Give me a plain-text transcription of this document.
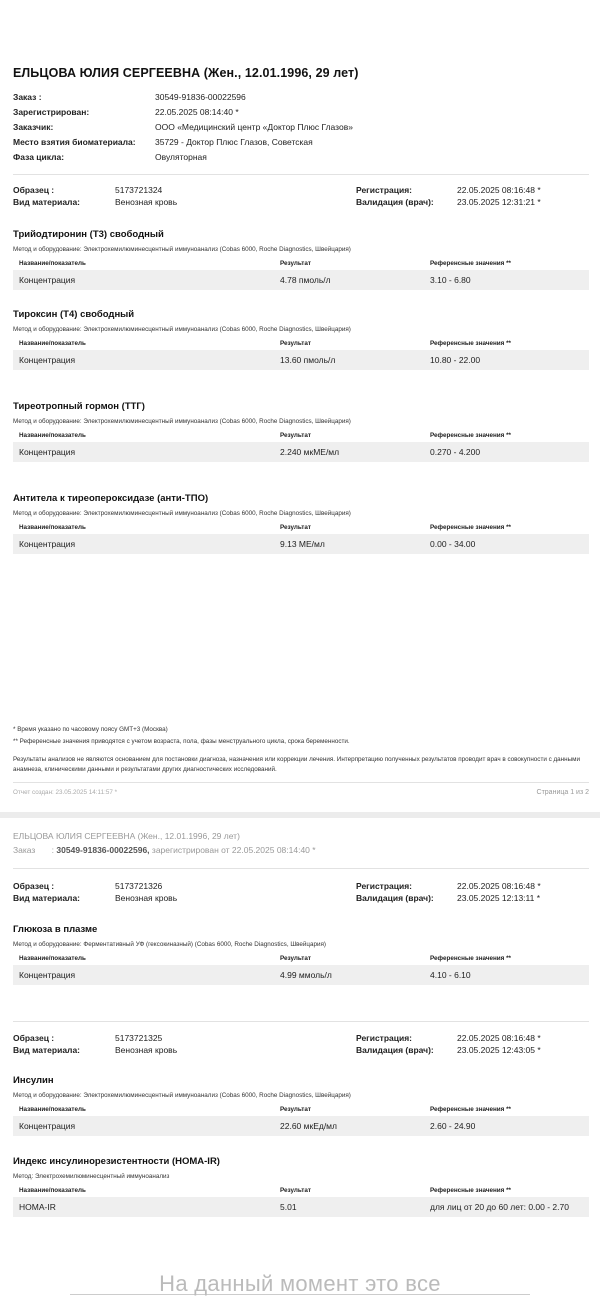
ЕЛЬЦОВА ЮЛИЯ СЕРГЕЕВНА (Жен., 12.01.1996, 29 лет)
Заказ :	30549-91836-00022596
Зарегистрирован:	22.05.2025 08:14:40 *
Заказчик:	ООО «Медицинский центр «Доктор Плюс Глазов»
Место взятия биоматериала: 35729 - Доктор Плюс Глазов, Советская
Фаза цикла:	Овуляторная
Образец :	5173721324	Регистрация:	22.05.2025 08:16:48 *
Вид материала:	Венозная кровь	Валидация (врач):	23.05.2025 12:31:21 *
Трийодтиронин (Т3) свободный
Метод и оборудование: Электрохемилюминесцентный иммуноанализ (Cobas 6000, Roche Diagnostics, Швейцария)
Название/показатель	Результат	Референсные значения **
Концентрация	4.78 пмоль/л	3.10 - 6.80
Тироксин (Т4) свободный
Метод и оборудование: Электрохемилюминесцентный иммуноанализ (Cobas 6000, Roche Diagnostics, Швейцария)
Название/показатель	Результат	Референсные значения **
Концентрация	13.60 пмоль/л	10.80 - 22.00
Тиреотропный гормон (ТТГ)
Метод и оборудование: Электрохемилюминесцентный иммуноанализ (Cobas 6000, Roche Diagnostics, Швейцария)
Название/показатель	Результат	Референсные значения **
Концентрация	2.240 мкМЕ/мл	0.270 - 4.200
Антитела к тиреопероксидазе (анти-ТПО)
Метод и оборудование: Электрохемилюминесцентный иммуноанализ (Cobas 6000, Roche Diagnostics, Швейцария)
Название/показатель	Результат	Референсные значения **
Концентрация	9.13 МЕ/мл	0.00 - 34.00
* Время указано по часовому поясу GMT+3 (Москва)
** Референсные значения приводятся с учетом возраста, пола, фазы менструального цикла, срока беременности.
Результаты анализов не являются основанием для постановки диагноза, назначения или коррекции лечения. Интерпретацию полученных результатов проводит врач в совокупности с данными анамнеза, клиническими данными и результатами других диагностических исследований.
Отчет создан: 23.05.2025 14:11:57 *	Страница 1 из 2
ЕЛЬЦОВА ЮЛИЯ СЕРГЕЕВНА (Жен., 12.01.1996, 29 лет)
Заказ : 30549-91836-00022596, зарегистрирован от 22.05.2025 08:14:40 *
Образец :	5173721326	Регистрация:	22.05.2025 08:16:48 *
Вид материала:	Венозная кровь	Валидация (врач):	23.05.2025 12:13:11 *
Глюкоза в плазме
Метод и оборудование: Ферментативный УФ (гексокиназный) (Cobas 6000, Roche Diagnostics, Швейцария)
Название/показатель	Результат	Референсные значения **
Концентрация	4.99 ммоль/л	4.10 - 6.10
Образец :	5173721325	Регистрация:	22.05.2025 08:16:48 *
Вид материала:	Венозная кровь	Валидация (врач):	23.05.2025 12:43:05 *
Инсулин
Метод и оборудование: Электрохемилюминесцентный иммуноанализ (Cobas 6000, Roche Diagnostics, Швейцария)
Название/показатель	Результат	Референсные значения **
Концентрация	22.60 мкЕд/мл	2.60 - 24.90
Индекс инсулинорезистентности (HOMA-IR)
Метод: Электрохемилюминесцентный иммуноанализ
Название/показатель	Результат	Референсные значения **
HOMA-IR	5.01	для лиц от 20 до 60 лет: 0.00 - 2.70
На данный момент это все
